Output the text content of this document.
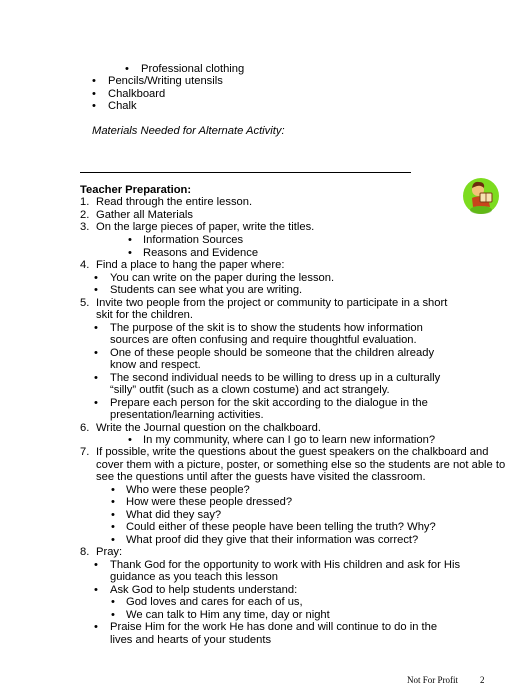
• Professional clothing
• Pencils/Writing utensils
• Chalkboard
• Chalk
Materials Needed for Alternate Activity:
Teacher Preparation:
1. Read through the entire lesson.
2. Gather all Materials
3. On the large pieces of paper, write the titles.
• Information Sources
• Reasons and Evidence
4. Find a place to hang the paper where:
• You can write on the paper during the lesson.
• Students can see what you are writing.
5. Invite two people from the project or community to participate in a short
skit for the children.
• The purpose of the skit is to show the students how information
sources are often confusing and require thoughtful evaluation.
• One of these people should be someone that the children already
know and respect.
• The second individual needs to be willing to dress up in a culturally
“silly” outfit (such as a clown costume) and act strangely.
• Prepare each person for the skit according to the dialogue in the
presentation/learning activities.
6. Write the Journal question on the chalkboard.
• In my community, where can I go to learn new information?
7. If possible, write the questions about the guest speakers on the chalkboard and
cover them with a picture, poster, or something else so the students are not able to
see the questions until after the guests have visited the classroom.
• Who were these people?
• How were these people dressed?
• What did they say?
• Could either of these people have been telling the truth? Why?
• What proof did they give that their information was correct?
8. Pray:
• Thank God for the opportunity to work with His children and ask for His
guidance as you teach this lesson
• Ask God to help students understand:
• God loves and cares for each of us,
• We can talk to Him any time, day or night
• Praise Him for the work He has done and will continue to do in the
lives and hearts of your students
Not For Profit 2
